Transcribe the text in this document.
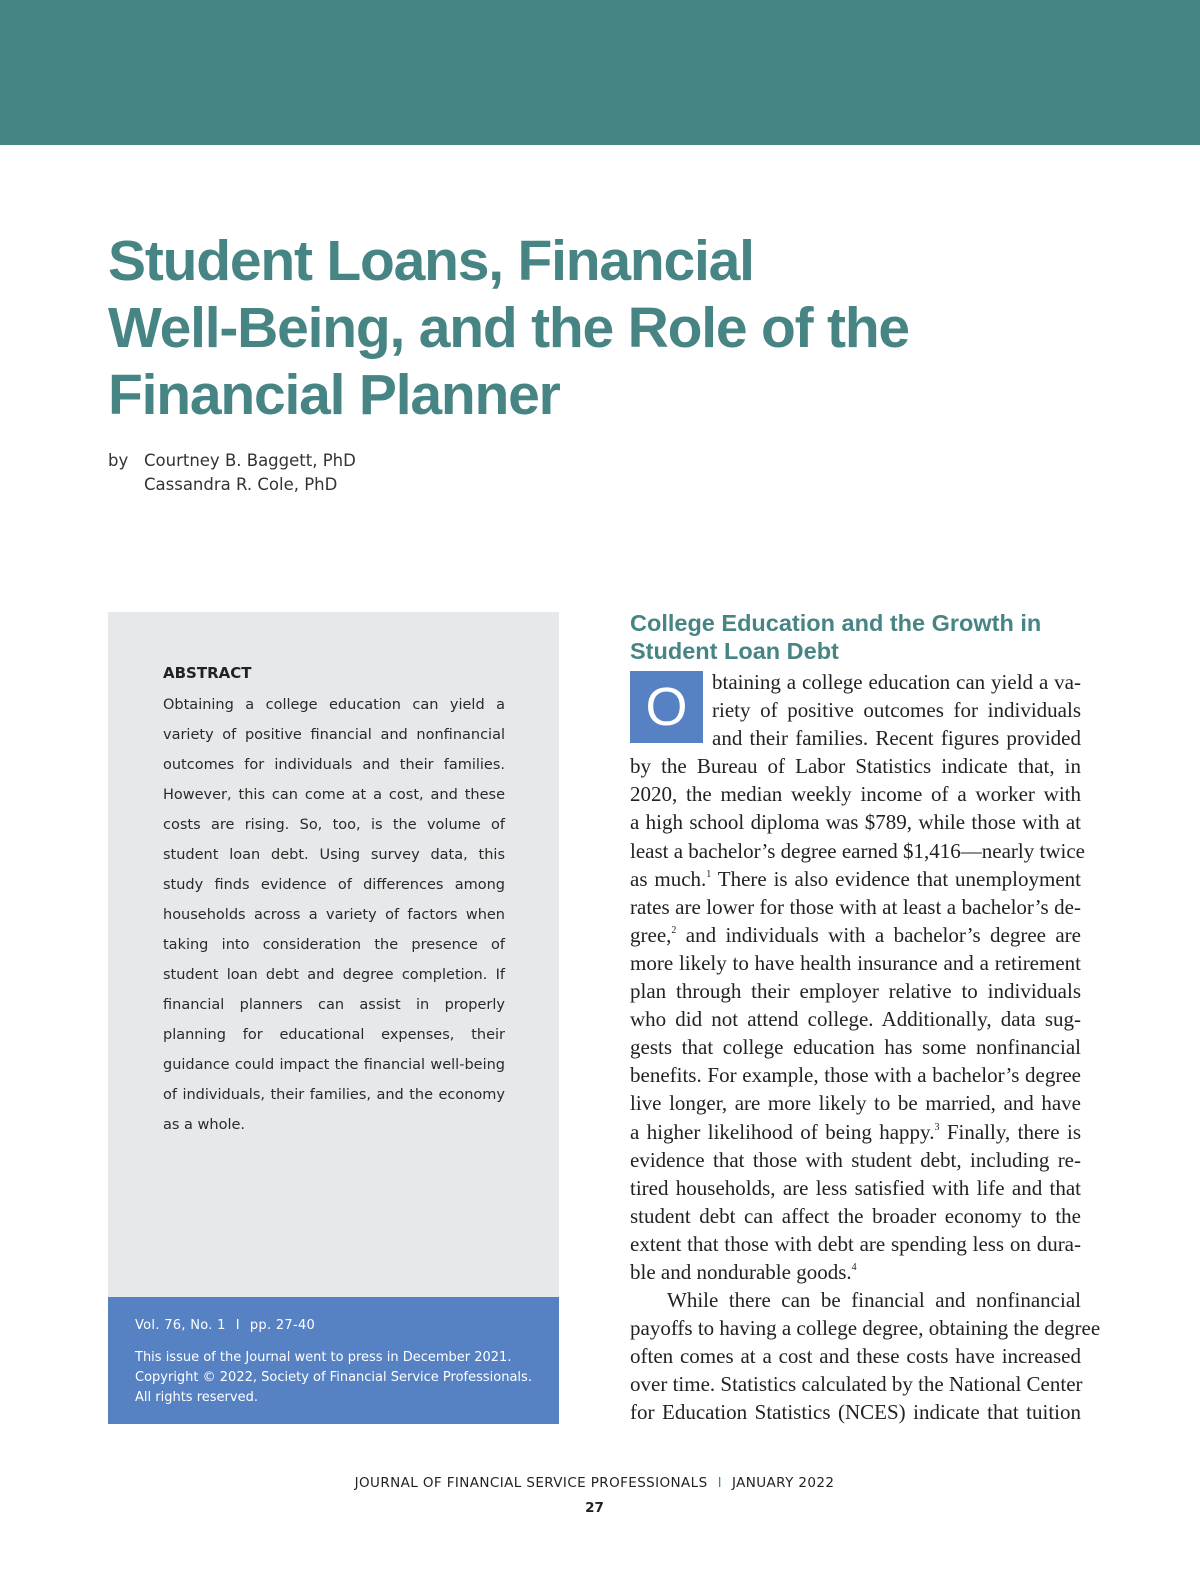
Student Loans, Financial
Well-Being, and the Role of the
Financial Planner
by Courtney B. Baggett, PhD
Cassandra R. Cole, PhD
ABSTRACT

Obtaining a college education can yield a variety of positive financial and nonfinancial outcomes for individuals and their families. However, this can come at a cost, and these costs are rising. So, too, is the volume of student loan debt. Using survey data, this study finds evidence of differences among households across a variety of factors when taking into consideration the presence of student loan debt and degree completion. If financial planners can assist in properly planning for educational expenses, their guidance could impact the financial well-being of individuals, their families, and the economy as a whole.

Vol. 76, No. 1 I pp. 27-40
This issue of the Journal went to press in December 2021.
Copyright © 2022, Society of Financial Service Professionals.
All rights reserved.
College Education and the Growth in
Student Loan Debt
O	btaining a college education can yield a va-
riety of positive outcomes for individuals
and their families. Recent figures provided
by the Bureau of Labor Statistics indicate that, in
2020, the median weekly income of a worker with
a high school diploma was $789, while those with at
least a bachelor’s degree earned $1,416—nearly twice
as much.$^1$ There is also evidence that unemployment
rates are lower for those with at least a bachelor’s de-
gree,$^2$ and individuals with a bachelor’s degree are
more likely to have health insurance and a retirement
plan through their employer relative to individuals
who did not attend college. Additionally, data sug-
gests that college education has some nonfinancial
benefits. For example, those with a bachelor’s degree
live longer, are more likely to be married, and have
a higher likelihood of being happy.$^3$ Finally, there is
evidence that those with student debt, including re-
tired households, are less satisfied with life and that
student debt can affect the broader economy to the
extent that those with debt are spending less on dura-
ble and nondurable goods.$^4$
While there can be financial and nonfinancial
payoffs to having a college degree, obtaining the degree
often comes at a cost and these costs have increased
over time. Statistics calculated by the National Center
for Education Statistics (NCES) indicate that tuition
JOURNAL OF FINANCIAL SERVICE PROFESSIONALS I JANUARY 2022
27
